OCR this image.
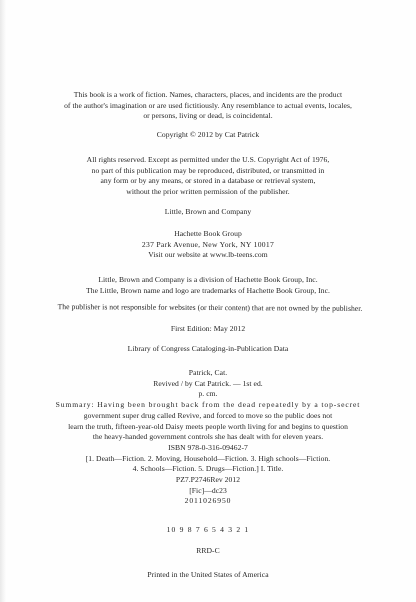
This book is a work of fiction. Names, characters, places, and incidents are the product
of the author's imagination or are used fictitiously. Any resemblance to actual events, locales,
or persons, living or dead, is coincidental.
Copyright © 2012 by Cat Patrick
All rights reserved. Except as permitted under the U.S. Copyright Act of 1976,
no part of this publication may be reproduced, distributed, or transmitted in
any form or by any means, or stored in a database or retrieval system,
without the prior written permission of the publisher.
Little, Brown and Company
Hachette Book Group
237 Park Avenue, New York, NY 10017
Visit our website at www.lb-teens.com
Little, Brown and Company is a division of Hachette Book Group, Inc.
The Little, Brown name and logo are trademarks of Hachette Book Group, Inc.
The publisher is not responsible for websites (or their content) that are not owned by the publisher.
First Edition: May 2012
Library of Congress Cataloging-in-Publication Data
Patrick, Cat.
Revived / by Cat Patrick. — 1st ed.
p. cm.
Summary: Having been brought back from the dead repeatedly by a top-secret
government super drug called Revive, and forced to move so the public does not
learn the truth, fifteen-year-old Daisy meets people worth living for and begins to question
the heavy-handed government controls she has dealt with for eleven years.
ISBN 978-0-316-09462-7
[1. Death—Fiction. 2. Moving, Household—Fiction. 3. High schools—Fiction.
4. Schools—Fiction. 5. Drugs—Fiction.] I. Title.
PZ7.P2746Rev 2012
[Fic]—dc23
2011026950
10 9 8 7 6 5 4 3 2 1
RRD-C
Printed in the United States of America
